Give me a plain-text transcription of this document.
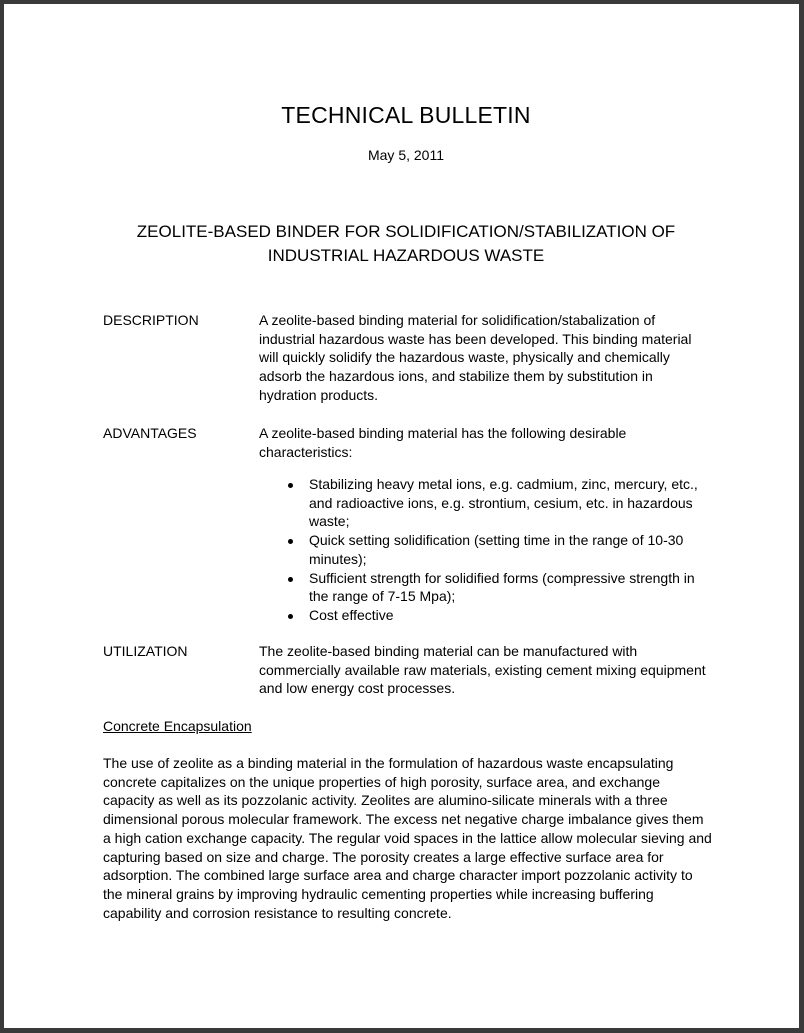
TECHNICAL BULLETIN
May 5, 2011
ZEOLITE-BASED BINDER FOR SOLIDIFICATION/STABILIZATION OF
INDUSTRIAL HAZARDOUS WASTE
DESCRIPTION	A zeolite-based binding material for solidification/stabalization of industrial hazardous waste has been developed. This binding material will quickly solidify the hazardous waste, physically and chemically adsorb the hazardous ions, and stabilize them by substitution in hydration products.
ADVANTAGES	A zeolite-based binding material has the following desirable characteristics:
Stabilizing heavy metal ions, e.g. cadmium, zinc, mercury, etc., and radioactive ions, e.g. strontium, cesium, etc. in hazardous waste;
Quick setting solidification (setting time in the range of 10-30 minutes);
Sufficient strength for solidified forms (compressive strength in the range of 7-15 Mpa);
Cost effective
UTILIZATION	The zeolite-based binding material can be manufactured with commercially available raw materials, existing cement mixing equipment and low energy cost processes.
Concrete Encapsulation
The use of zeolite as a binding material in the formulation of hazardous waste encapsulating concrete capitalizes on the unique properties of high porosity, surface area, and exchange capacity as well as its pozzolanic activity. Zeolites are alumino-silicate minerals with a three dimensional porous molecular framework. The excess net negative charge imbalance gives them a high cation exchange capacity. The regular void spaces in the lattice allow molecular sieving and capturing based on size and charge. The porosity creates a large effective surface area for adsorption. The combined large surface area and charge character import pozzolanic activity to the mineral grains by improving hydraulic cementing properties while increasing buffering capability and corrosion resistance to resulting concrete.
